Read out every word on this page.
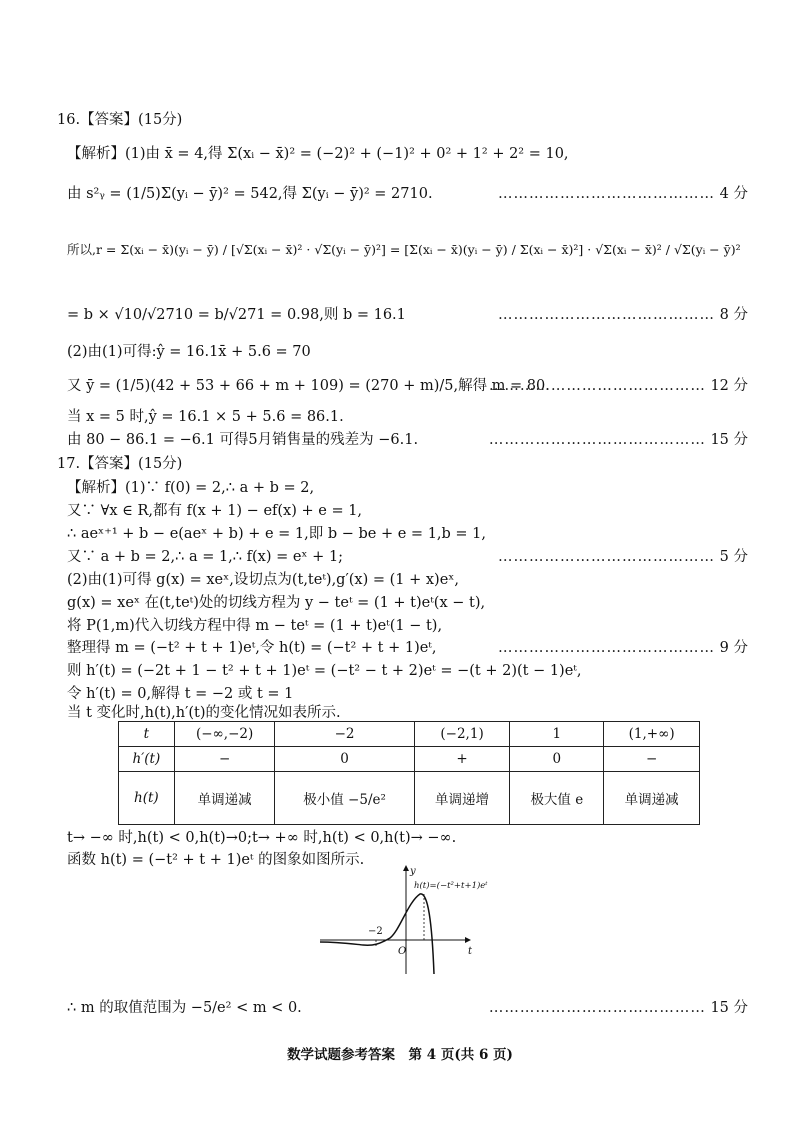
16.【答案】(15分)
【解析】(1)由 x̄ = 4,得 Σ(xᵢ − x̄)² = (−2)² + (−1)² + 0² + 1² + 2² = 10,
由 s²ᵧ = (1/5)Σ(yᵢ − ȳ)² = 542,得 Σ(yᵢ − ȳ)² = 2710.	…………………………………… 4 分
所以,r = Σ(xᵢ − x̄)(yᵢ − ȳ) / [√Σ(xᵢ − x̄)² · √Σ(yᵢ − ȳ)²] = [Σ(xᵢ − x̄)(yᵢ − ȳ) / Σ(xᵢ − x̄)²] · √Σ(xᵢ − x̄)² / √Σ(yᵢ − ȳ)²
= b × √10/√2710 = b/√271 = 0.98,则 b = 16.1	…………………………………… 8 分
(2)由(1)可得:ŷ = 16.1x̄ + 5.6 = 70
又 ȳ = (1/5)(42 + 53 + 66 + m + 109) = (270 + m)/5,解得 m = 80.
…………………………………… 12 分
当 x = 5 时,ŷ = 16.1 × 5 + 5.6 = 86.1.
由 80 − 86.1 = −6.1 可得5月销售量的残差为 −6.1.	…………………………………… 15 分
17.【答案】(15分)
【解析】(1)∵ f(0) = 2,∴ a + b = 2,
又∵ ∀x ∈ R,都有 f(x + 1) − ef(x) + e = 1,
∴ aeˣ⁺¹ + b − e(aeˣ + b) + e = 1,即 b − be + e = 1,b = 1,
又∵ a + b = 2,∴ a = 1,∴ f(x) = eˣ + 1;	…………………………………… 5 分
(2)由(1)可得 g(x) = xeˣ,设切点为(t,teᵗ),g′(x) = (1 + x)eˣ,
g(x) = xeˣ 在(t,teᵗ)处的切线方程为 y − teᵗ = (1 + t)eᵗ(x − t),
将 P(1,m)代入切线方程中得 m − teᵗ = (1 + t)eᵗ(1 − t),
整理得 m = (−t² + t + 1)eᵗ,令 h(t) = (−t² + t + 1)eᵗ,	…………………………………… 9 分
则 h′(t) = (−2t + 1 − t² + t + 1)eᵗ = (−t² − t + 2)eᵗ = −(t + 2)(t − 1)eᵗ,
令 h′(t) = 0,解得 t = −2 或 t = 1
当 t 变化时,h(t),h′(t)的变化情况如表所示.
t	(−∞,−2)	−2	(−2,1)	1	(1,+∞)
h′(t)	−	0	+	0	−
h(t)	单调递减	极小值 −5/e²	单调递增	极大值 e	单调递减
t→ −∞ 时,h(t) < 0,h(t)→0;t→ +∞ 时,h(t) < 0,h(t)→ −∞.
函数 h(t) = (−t² + t + 1)eᵗ 的图象如图所示.
y
t
O
−2
h(t)=(−t²+t+1)eᵗ
∴ m 的取值范围为 −5/e² < m < 0.	…………………………………… 15 分
数学试题参考答案　第 4 页(共 6 页)
